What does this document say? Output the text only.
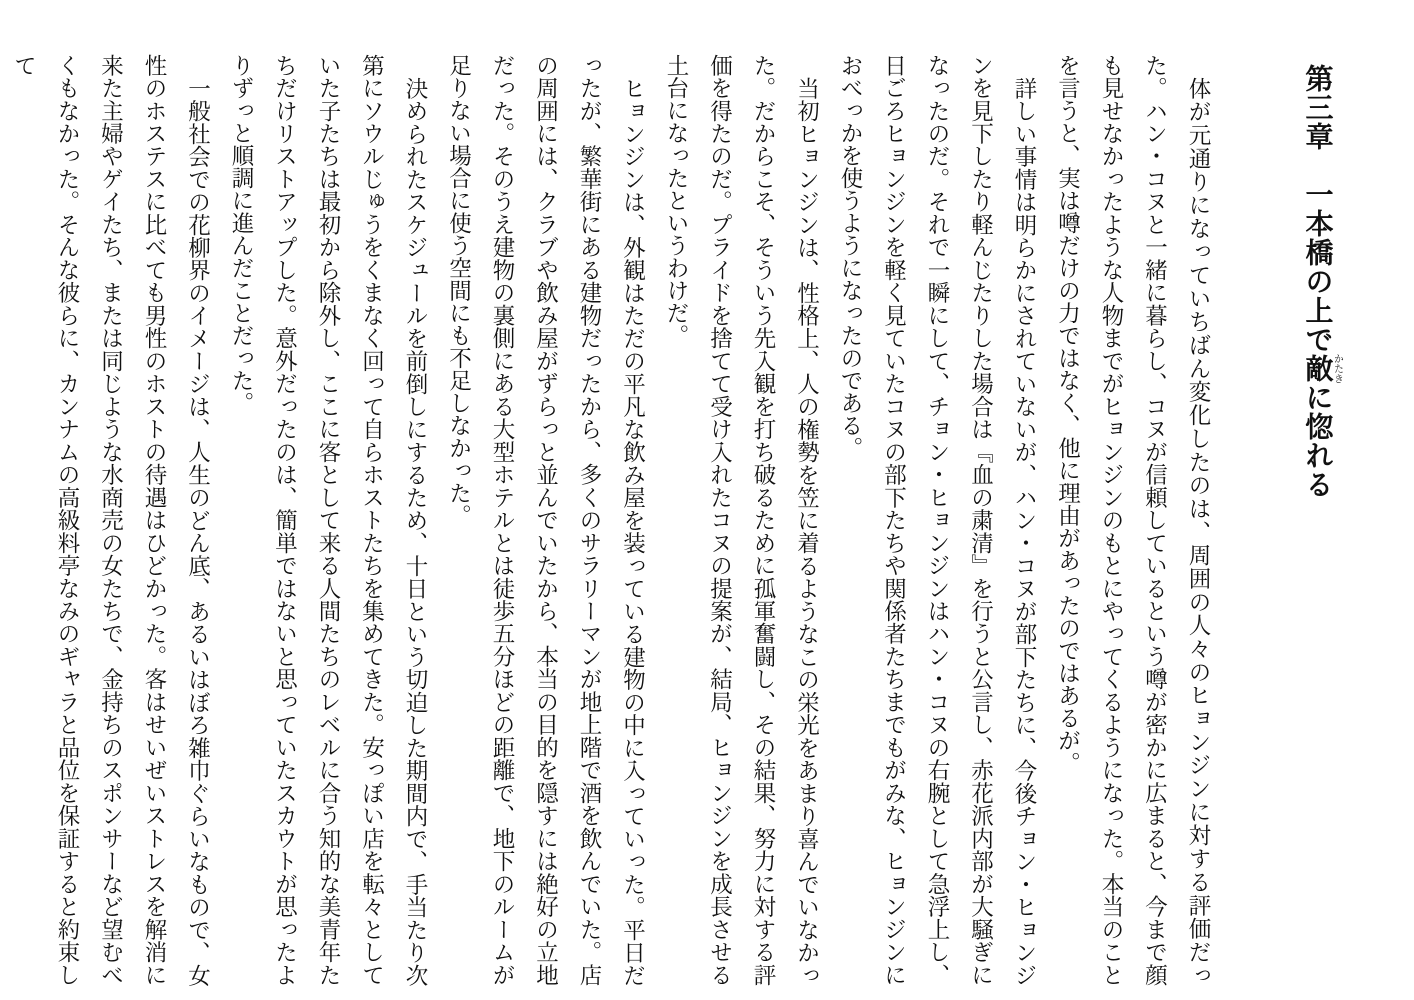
第三章　一本橋の上で敵かたきに惚れる

体が元通りになっていちばん変化したのは、周囲の人々のヒョンジンに対する評価だった。ハン・コヌと一緒に暮らし、コヌが信頼しているという噂が密かに広まると、今まで顔も見せなかったような人物までがヒョンジンのもとにやってくるようになった。本当のことを言うと、実は噂だけの力ではなく、他に理由があったのではあるが。

詳しい事情は明らかにされていないが、ハン・コヌが部下たちに、今後チョン・ヒョンジンを見下したり軽んじたりした場合は『血の粛清』を行うと公言し、赤花派内部が大騒ぎになったのだ。それで一瞬にして、チョン・ヒョンジンはハン・コヌの右腕として急浮上し、日ごろヒョンジンを軽く見ていたコヌの部下たちや関係者たちまでもがみな、ヒョンジンにおべっかを使うようになったのである。

当初ヒョンジンは、性格上、人の権勢を笠に着るようなこの栄光をあまり喜んでいなかった。だからこそ、そういう先入観を打ち破るために孤軍奮闘し、その結果、努力に対する評価を得たのだ。プライドを捨てて受け入れたコヌの提案が、結局、ヒョンジンを成長させる土台になったというわけだ。

ヒョンジンは、外観はただの平凡な飲み屋を装っている建物の中に入っていった。平日だったが、繁華街にある建物だったから、多くのサラリーマンが地上階で酒を飲んでいた。店の周囲には、クラブや飲み屋がずらっと並んでいたから、本当の目的を隠すには絶好の立地だった。そのうえ建物の裏側にある大型ホテルとは徒歩五分ほどの距離で、地下のルームが足りない場合に使う空間にも不足しなかった。

決められたスケジュールを前倒しにするため、十日という切迫した期間内で、手当たり次第にソウルじゅうをくまなく回って自らホストたちを集めてきた。安っぽい店を転々としていた子たちは最初から除外し、ここに客として来る人間たちのレベルに合う知的な美青年たちだけリストアップした。意外だったのは、簡単ではないと思っていたスカウトが思ったよりずっと順調に進んだことだった。

一般社会での花柳界のイメージは、人生のどん底、あるいはぼろ雑巾ぐらいなもので、女性のホステスに比べても男性のホストの待遇はひどかった。客はせいぜいストレスを解消に来た主婦やゲイたち、または同じような水商売の女たちで、金持ちのスポンサーなど望むべくもなかった。そんな彼らに、カンナムの高級料亭なみのギャラと品位を保証すると約束して
